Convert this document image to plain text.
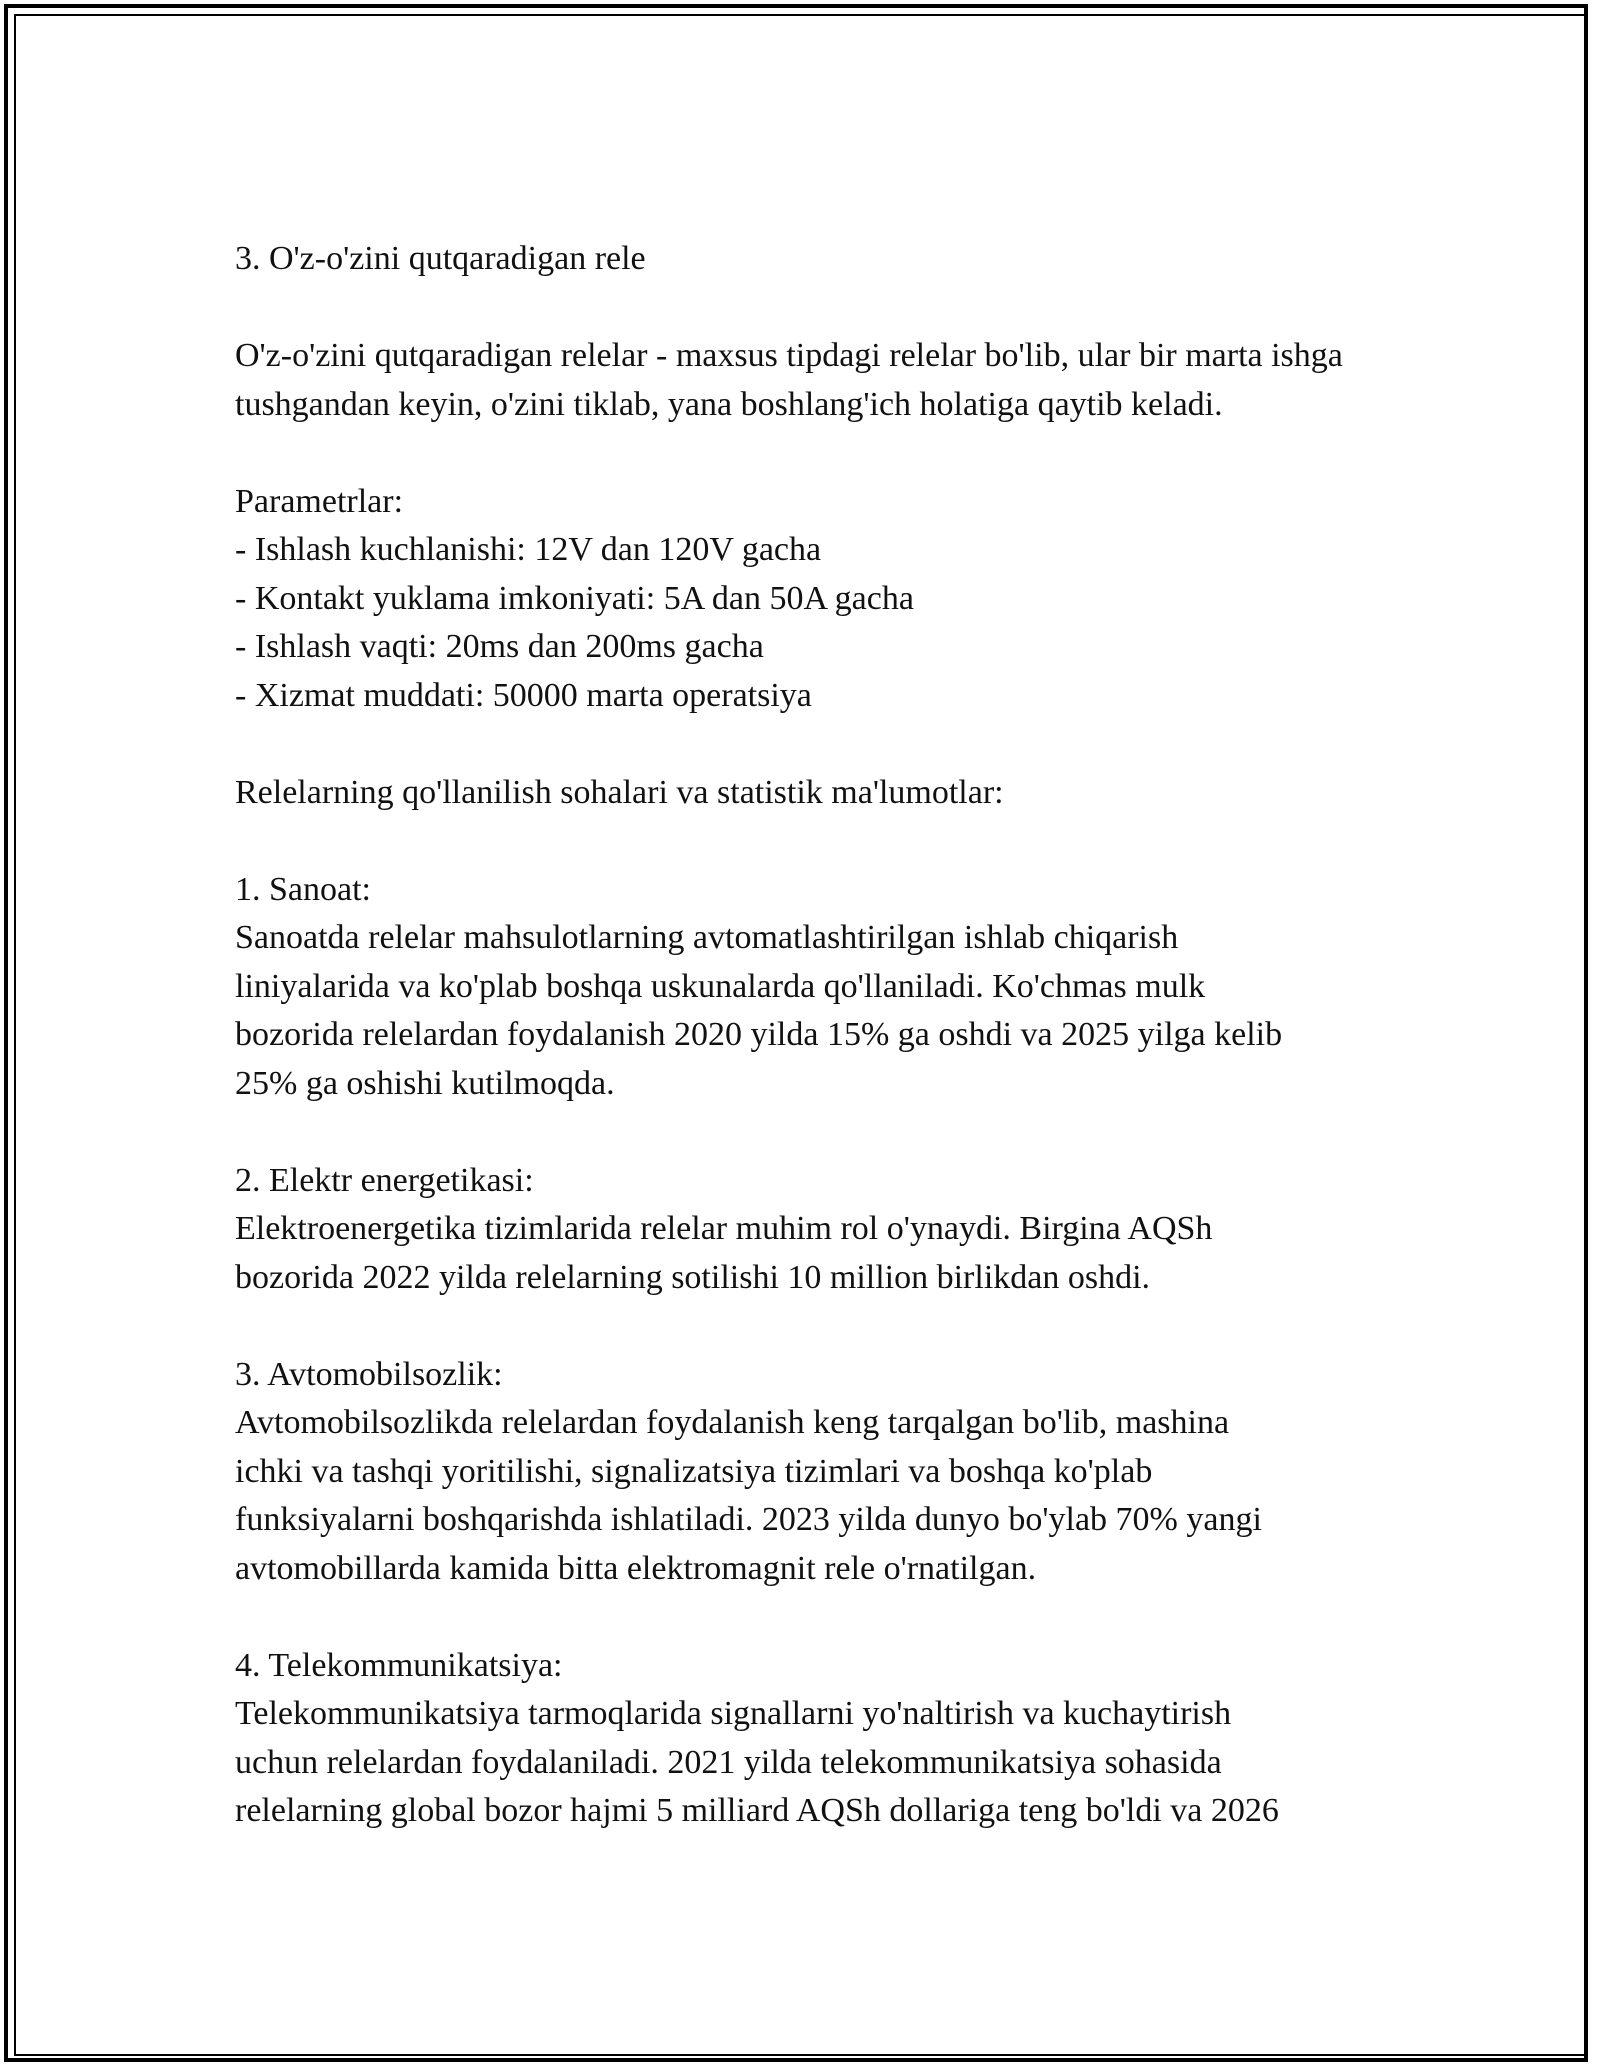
3. O'z-o'zini qutqaradigan rele

O'z-o'zini qutqaradigan relelar - maxsus tipdagi relelar bo'lib, ular bir marta ishga tushgandan keyin, o'zini tiklab, yana boshlang'ich holatiga qaytib keladi.

Parametrlar:

- Ishlash kuchlanishi: 12V dan 120V gacha

- Kontakt yuklama imkoniyati: 5A dan 50A gacha

- Ishlash vaqti: 20ms dan 200ms gacha

- Xizmat muddati: 50000 marta operatsiya

Relelarning qo'llanilish sohalari va statistik ma'lumotlar:

1. Sanoat:

Sanoatda relelar mahsulotlarning avtomatlashtirilgan ishlab chiqarish

liniyalarida va ko'plab boshqa uskunalarda qo'llaniladi. Ko'chmas mulk

bozorida relelardan foydalanish 2020 yilda 15% ga oshdi va 2025 yilga kelib

25% ga oshishi kutilmoqda.

2. Elektr energetikasi:

Elektroenergetika tizimlarida relelar muhim rol o'ynaydi. Birgina AQSh

bozorida 2022 yilda relelarning sotilishi 10 million birlikdan oshdi.

3. Avtomobilsozlik:

Avtomobilsozlikda relelardan foydalanish keng tarqalgan bo'lib, mashina

ichki va tashqi yoritilishi, signalizatsiya tizimlari va boshqa ko'plab

funksiyalarni boshqarishda ishlatiladi. 2023 yilda dunyo bo'ylab 70% yangi

avtomobillarda kamida bitta elektromagnit rele o'rnatilgan.

4. Telekommunikatsiya:

Telekommunikatsiya tarmoqlarida signallarni yo'naltirish va kuchaytirish

uchun relelardan foydalaniladi. 2021 yilda telekommunikatsiya sohasida

relelarning global bozor hajmi 5 milliard AQSh dollariga teng bo'ldi va 2026
